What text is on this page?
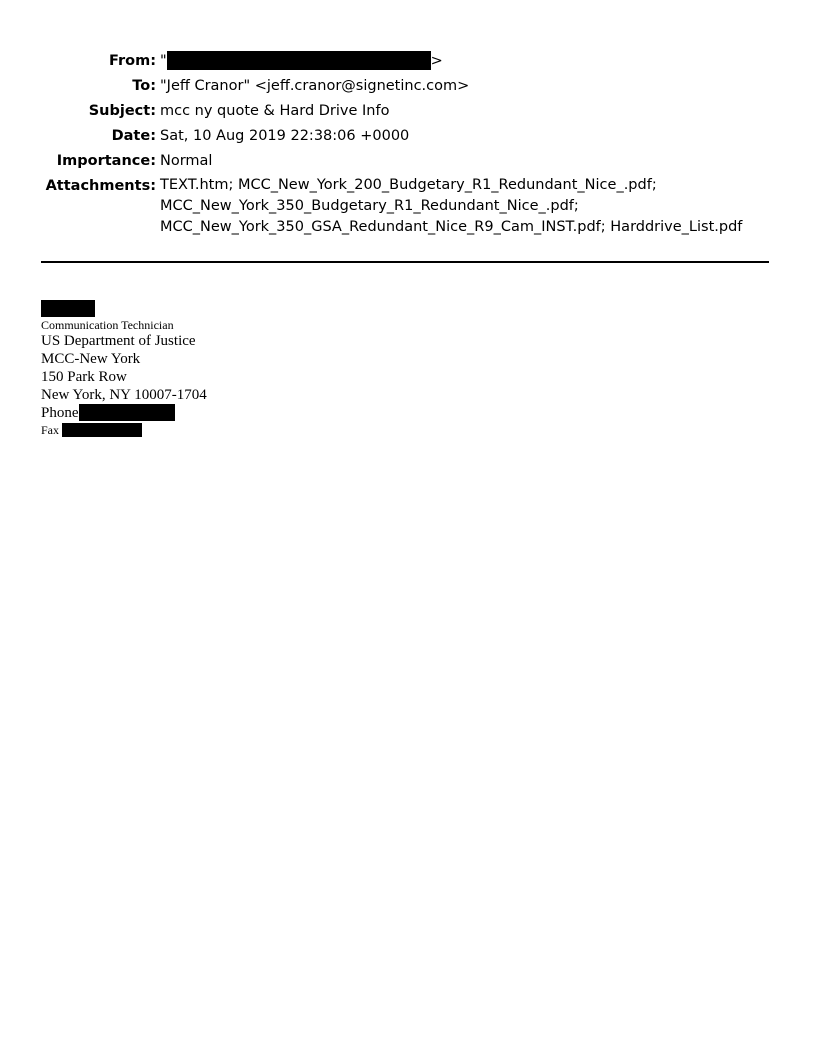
From: "	>
To: "Jeff Cranor" <jeff.cranor@signetinc.com>
Subject: mcc ny quote & Hard Drive Info
Date: Sat, 10 Aug 2019 22:38:06 +0000
Importance: Normal
Attachments: TEXT.htm; MCC_New_York_200_Budgetary_R1_Redundant_Nice_.pdf;
MCC_New_York_350_Budgetary_R1_Redundant_Nice_.pdf;
MCC_New_York_350_GSA_Redundant_Nice_R9_Cam_INST.pdf; Harddrive_List.pdf
Communication Technician
US Department of Justice
MCC-New York
150 Park Row
New York, NY 10007-1704
Phone
Fax
